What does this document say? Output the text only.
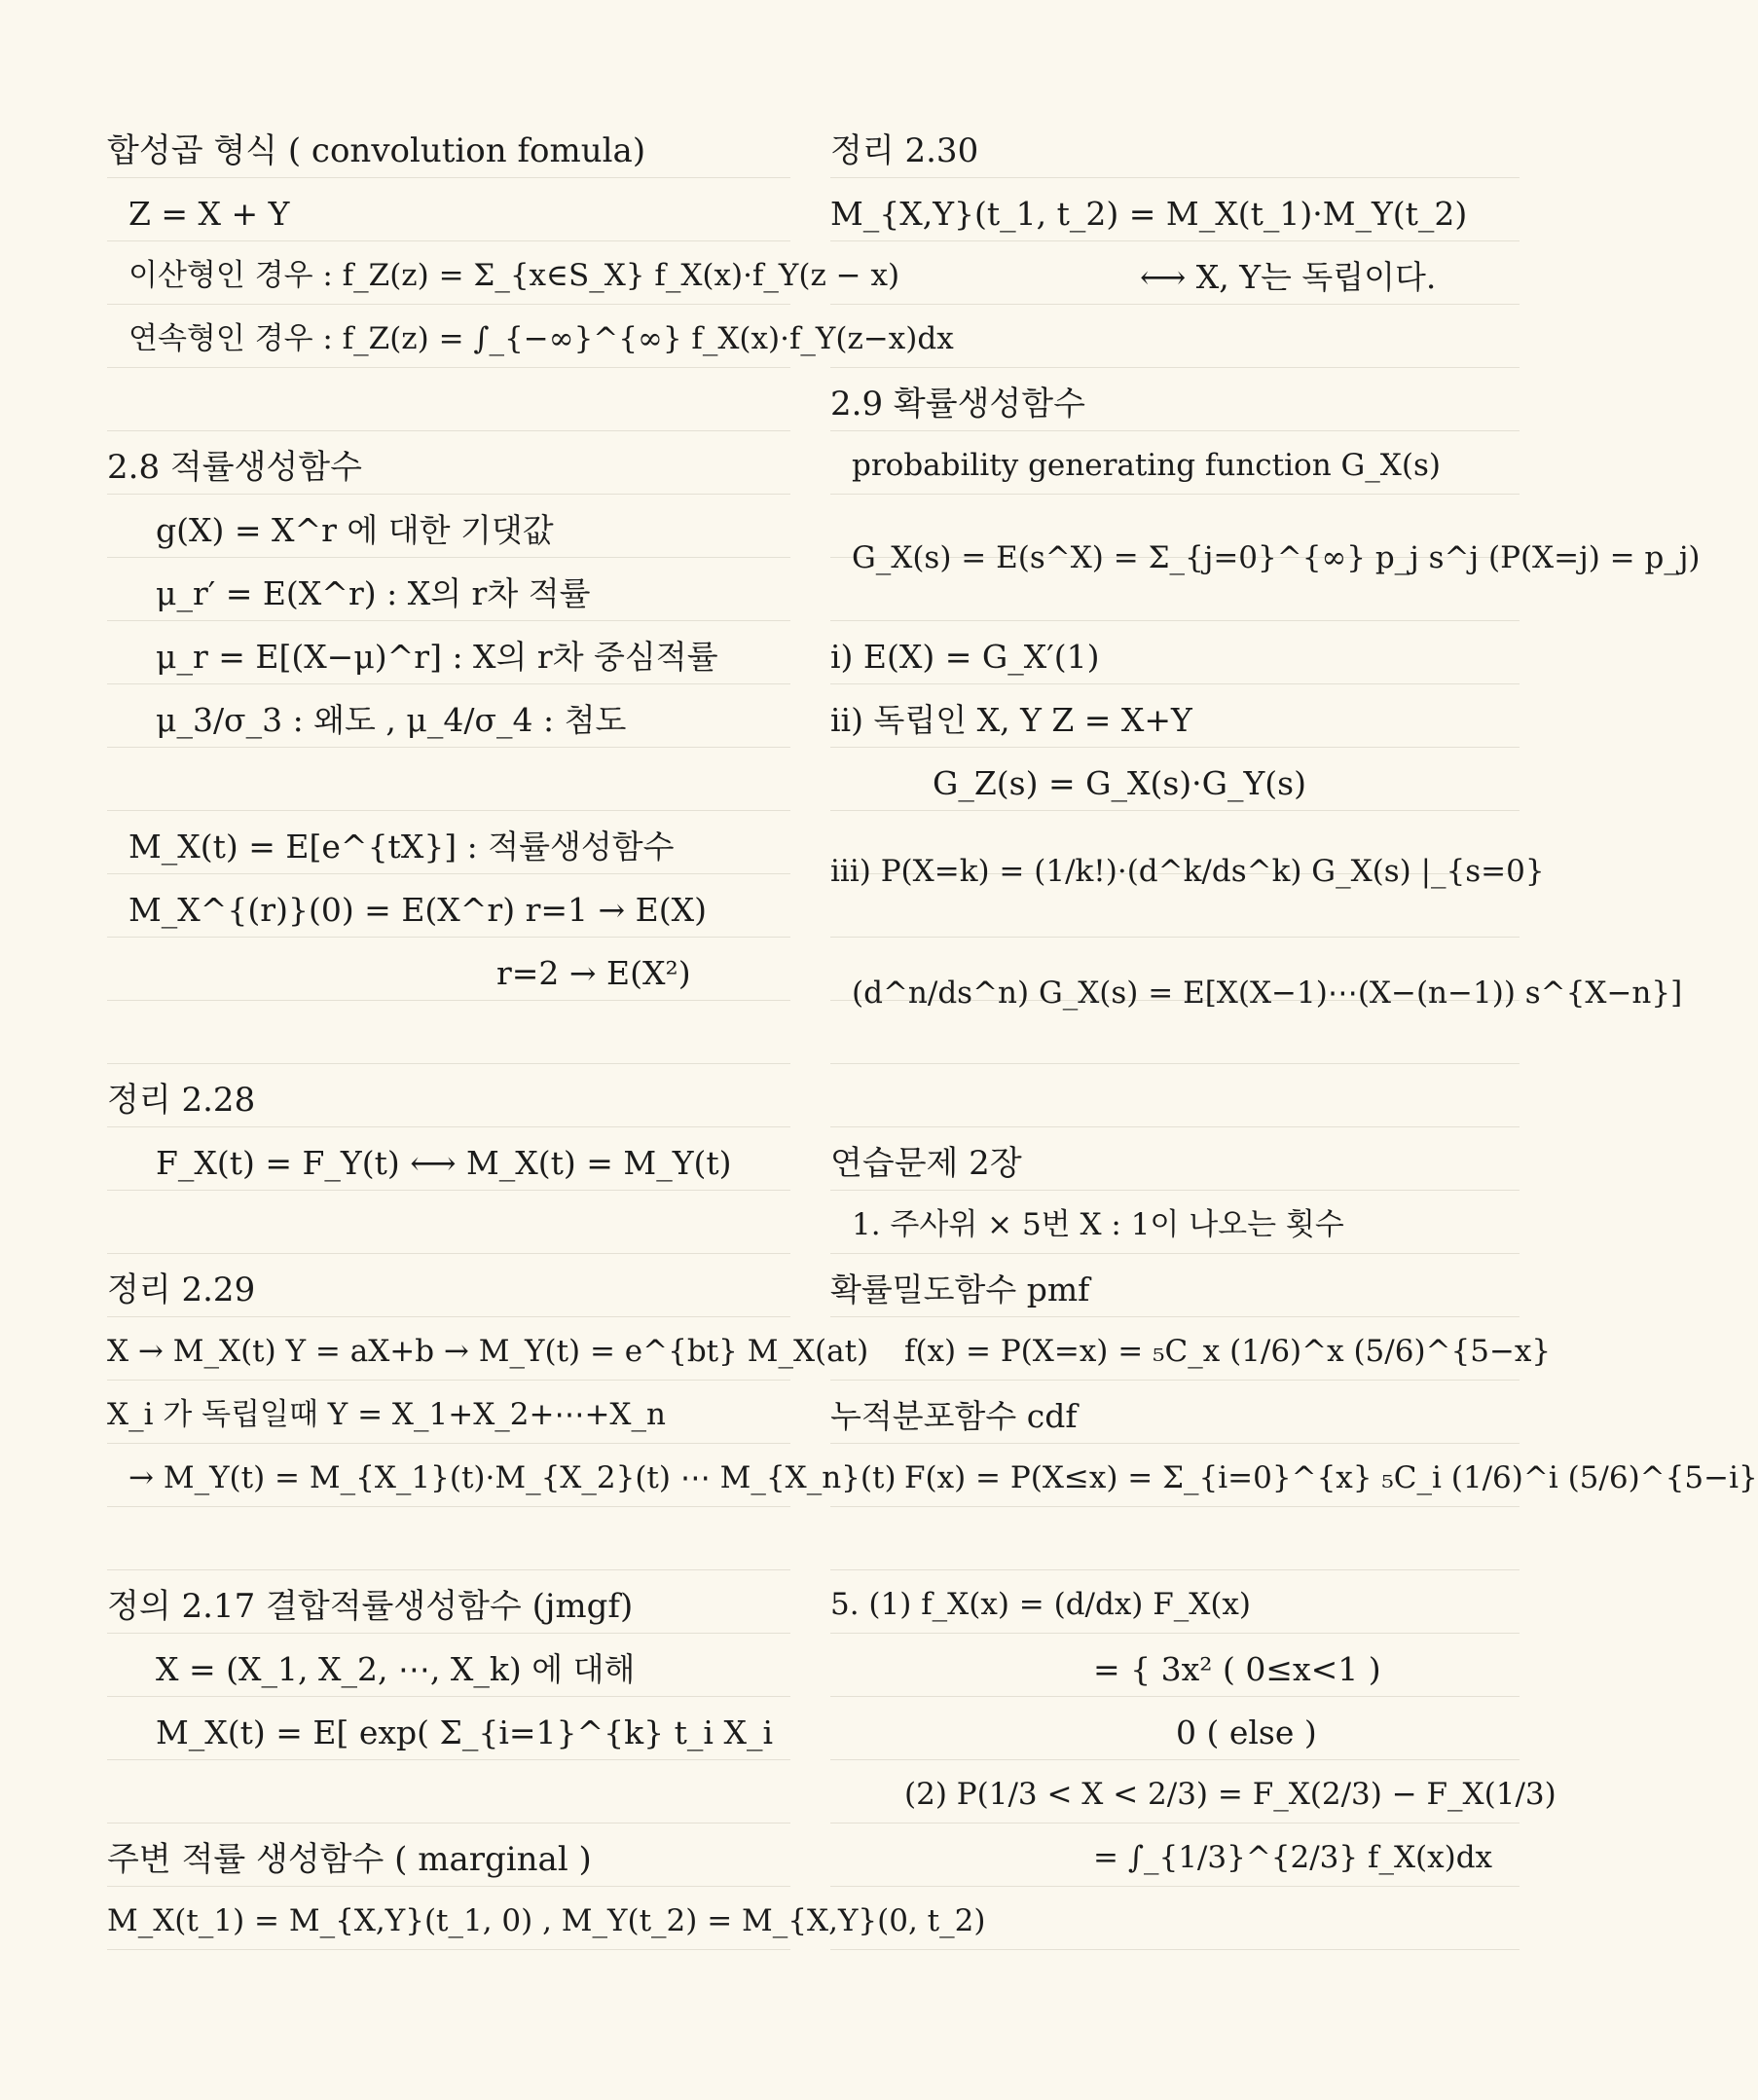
합성곱 형식 ( convolution fomula)
Z = X + Y
이산형인 경우 : f_Z(z) = Σ_{x∈S_X} f_X(x)·f_Y(z − x)
연속형인 경우 : f_Z(z) = ∫_{−∞}^{∞} f_X(x)·f_Y(z−x)dx
2.8 적률생성함수
g(X) = X^r 에 대한 기댓값
μ_r′ = E(X^r) : X의 r차 적률
μ_r = E[(X−μ)^r] : X의 r차 중심적률
μ_3/σ_3 : 왜도 , μ_4/σ_4 : 첨도
M_X(t) = E[e^{tX}] : 적률생성함수
M_X^{(r)}(0) = E(X^r) r=1 → E(X)
r=2 → E(X²)
정리 2.28
F_X(t) = F_Y(t) ⟷ M_X(t) = M_Y(t)
정리 2.29
X → M_X(t) Y = aX+b → M_Y(t) = e^{bt} M_X(at)
X_i 가 독립일때 Y = X_1+X_2+⋯+X_n
→ M_Y(t) = M_{X_1}(t)·M_{X_2}(t) ⋯ M_{X_n}(t)
정의 2.17 결합적률생성함수 (jmgf)
X = (X_1, X_2, ⋯, X_k) 에 대해
M_X(t) = E[ exp( Σ_{i=1}^{k} t_i X_i
주변 적률 생성함수 ( marginal )
M_X(t_1) = M_{X,Y}(t_1, 0) , M_Y(t_2) = M_{X,Y}(0, t_2)
정리 2.30
M_{X,Y}(t_1, t_2) = M_X(t_1)·M_Y(t_2)
⟷ X, Y는 독립이다.
2.9 확률생성함수
probability generating function G_X(s)
G_X(s) = E(s^X) = Σ_{j=0}^{∞} p_j s^j (P(X=j) = p_j)
i) E(X) = G_X′(1)
ii) 독립인 X, Y Z = X+Y
G_Z(s) = G_X(s)·G_Y(s)
iii) P(X=k) = (1/k!)·(d^k/ds^k) G_X(s) |_{s=0}
(d^n/ds^n) G_X(s) = E[X(X−1)⋯(X−(n−1)) s^{X−n}]
연습문제 2장
1. 주사위 × 5번 X : 1이 나오는 횟수
확률밀도함수 pmf
f(x) = P(X=x) = ₅C_x (1/6)^x (5/6)^{5−x}
누적분포함수 cdf
F(x) = P(X≤x) = Σ_{i=0}^{x} ₅C_i (1/6)^i (5/6)^{5−i}
5. (1) f_X(x) = (d/dx) F_X(x)
= { 3x² ( 0≤x<1 )
0 ( else )
(2) P(1/3 < X < 2/3) = F_X(2/3) − F_X(1/3)
= ∫_{1/3}^{2/3} f_X(x)dx
